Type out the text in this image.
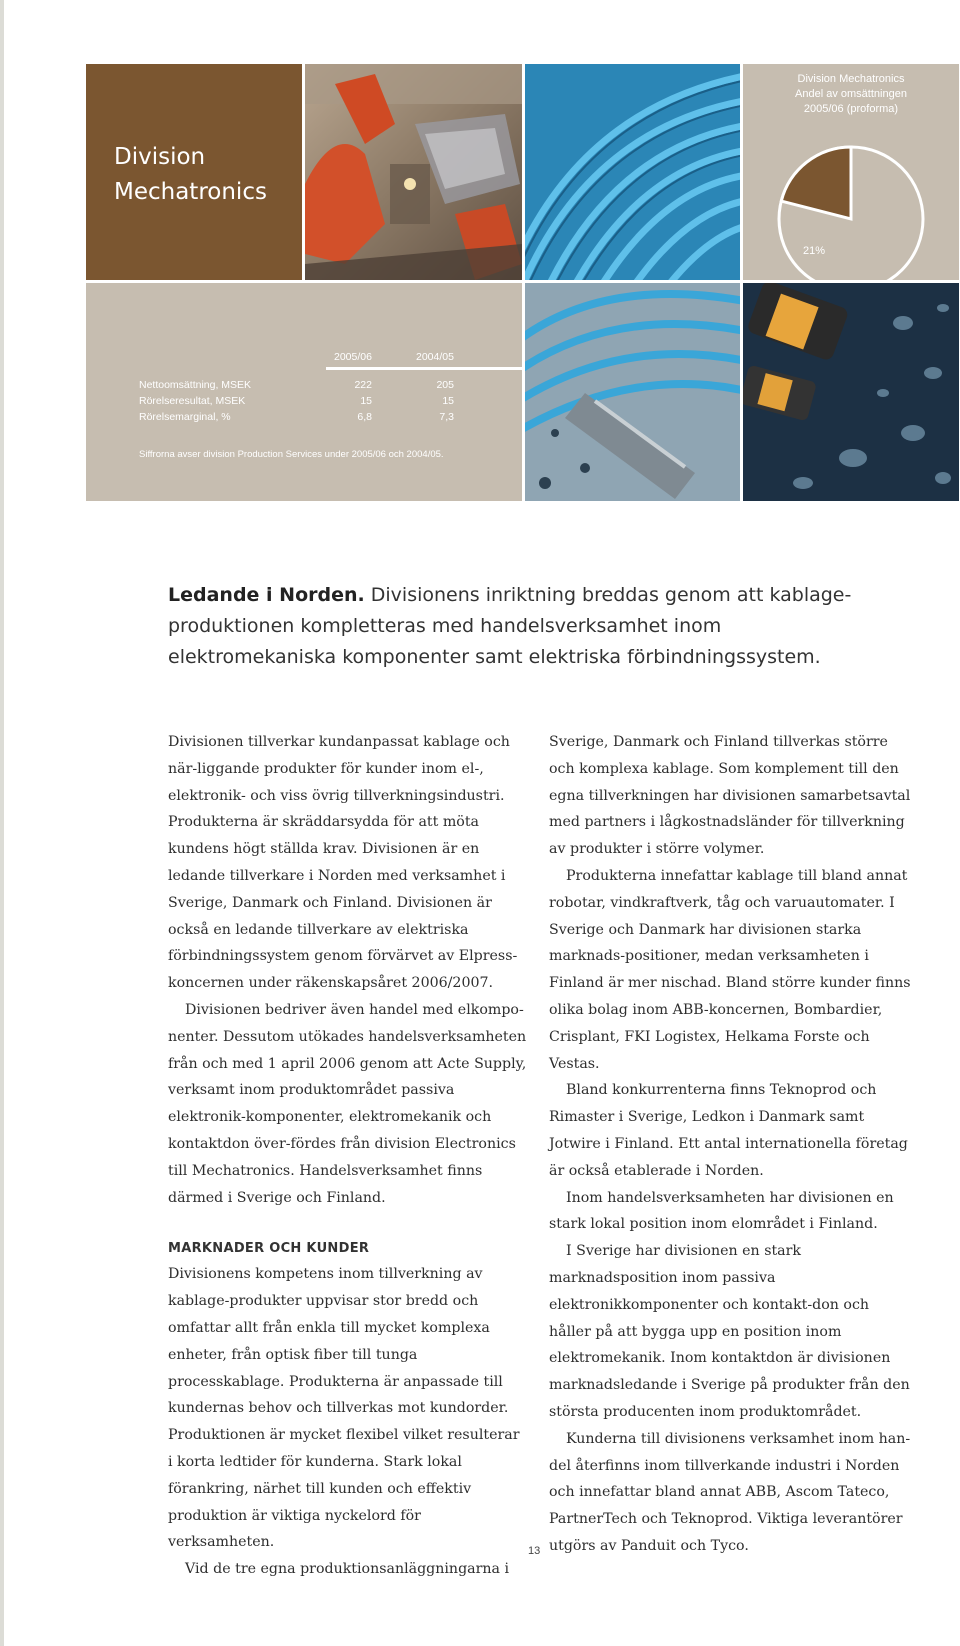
Division Mechatronics
Division Mechatronics
Andel av omsättningen
2005/06 (proforma)
21%
2005/06	2004/05
Nettoomsättning, MSEK	222	205
Rörelseresultat, MSEK	15	15
Rörelsemarginal, %	6,8	7,3
Siffrorna avser division Production Services under 2005/06 och 2004/05.
Ledande i Norden. Divisionens inriktning breddas genom att kablage-produktionen kompletteras med handelsverksamhet inom elektromekaniska komponenter samt elektriska förbindningssystem.

Divisionen tillverkar kundanpassat kablage och när-liggande produkter för kunder inom el-, elektronik- och viss övrig tillverkningsindustri. Produkterna är skräddarsydda för att möta kundens högt ställda krav. Divisionen är en ledande tillverkare i Norden med verksamhet i Sverige, Danmark och Finland. Divisionen är också en ledande tillverkare av elektriska förbindningssystem genom förvärvet av Elpress-koncernen under räkenskapsåret 2006/2007.

Divisionen bedriver även handel med elkompo-nenter. Dessutom utökades handelsverksamheten från och med 1 april 2006 genom att Acte Supply, verksamt inom produktområdet passiva elektronik-komponenter, elektromekanik och kontaktdon över-fördes från division Electronics till Mechatronics. Handelsverksamhet finns därmed i Sverige och Finland.

MARKNADER OCH KUNDER

Divisionens kompetens inom tillverkning av kablage-produkter uppvisar stor bredd och omfattar allt från enkla till mycket komplexa enheter, från optisk fiber till tunga processkablage. Produkterna är anpassade till kundernas behov och tillverkas mot kundorder. Produktionen är mycket flexibel vilket resulterar i korta ledtider för kunderna. Stark lokal förankring, närhet till kunden och effektiv produktion är viktiga nyckelord för verksamheten.

Vid de tre egna produktionsanläggningarna i

Sverige, Danmark och Finland tillverkas större och komplexa kablage. Som komplement till den egna tillverkningen har divisionen samarbetsavtal med partners i lågkostnadsländer för tillverkning av produkter i större volymer.

Produkterna innefattar kablage till bland annat robotar, vindkraftverk, tåg och varuautomater. I Sverige och Danmark har divisionen starka marknads-positioner, medan verksamheten i Finland är mer nischad. Bland större kunder finns olika bolag inom ABB-koncernen, Bombardier, Crisplant, FKI Logistex, Helkama Forste och Vestas.

Bland konkurrenterna finns Teknoprod och Rimaster i Sverige, Ledkon i Danmark samt Jotwire i Finland. Ett antal internationella företag är också etablerade i Norden.

Inom handelsverksamheten har divisionen en stark lokal position inom elområdet i Finland.

I Sverige har divisionen en stark marknadsposition inom passiva elektronikkomponenter och kontakt-don och håller på att bygga upp en position inom elektromekanik. Inom kontaktdon är divisionen marknadsledande i Sverige på produkter från den största producenten inom produktområdet.

Kunderna till divisionens verksamhet inom han-del återfinns inom tillverkande industri i Norden och innefattar bland annat ABB, Ascom Tateco, PartnerTech och Teknoprod. Viktiga leverantörer utgörs av Panduit och Tyco.

13
